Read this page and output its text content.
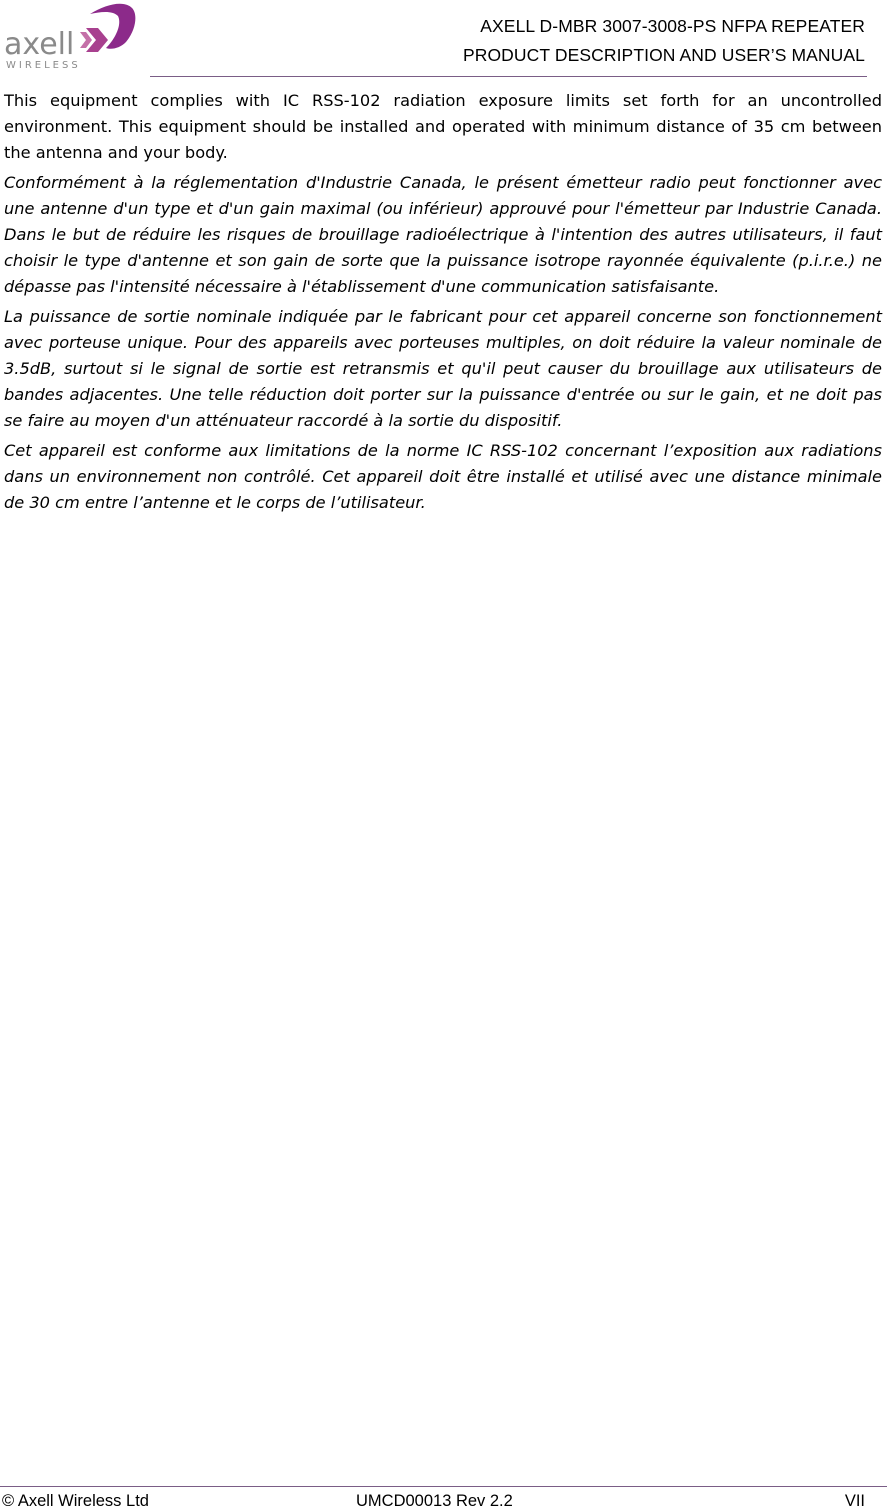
axell
WIRELESS
AXELL D-MBR 3007-3008-PS NFPA REPEATER
PRODUCT DESCRIPTION AND USER’S MANUAL

This equipment complies with IC RSS-102 radiation exposure limits set forth for an uncontrolled environment. This equipment should be installed and operated with minimum distance of 35 cm between the antenna and your body.

Conformément à la réglementation d'Industrie Canada, le présent émetteur radio peut fonctionner avec une antenne d'un type et d'un gain maximal (ou inférieur) approuvé pour l'émetteur par Industrie Canada. Dans le but de réduire les risques de brouillage radioélectrique à l'intention des autres utilisateurs, il faut choisir le type d'antenne et son gain de sorte que la puissance isotrope rayonnée équivalente (p.i.r.e.) ne dépasse pas l'intensité nécessaire à l'établissement d'une communication satisfaisante.

La puissance de sortie nominale indiquée par le fabricant pour cet appareil concerne son fonctionnement avec porteuse unique. Pour des appareils avec porteuses multiples, on doit réduire la valeur nominale de 3.5dB, surtout si le signal de sortie est retransmis et qu'il peut causer du brouillage aux utilisateurs de bandes adjacentes. Une telle réduction doit porter sur la puissance d'entrée ou sur le gain, et ne doit pas se faire au moyen d'un atténuateur raccordé à la sortie du dispositif.

Cet appareil est conforme aux limitations de la norme IC RSS-102 concernant l’exposition aux radiations dans un environnement non contrôlé. Cet appareil doit être installé et utilisé avec une distance minimale de 30 cm entre l’antenne et le corps de l’utilisateur.

© Axell Wireless Ltd	UMCD00013 Rev 2.2	VII
